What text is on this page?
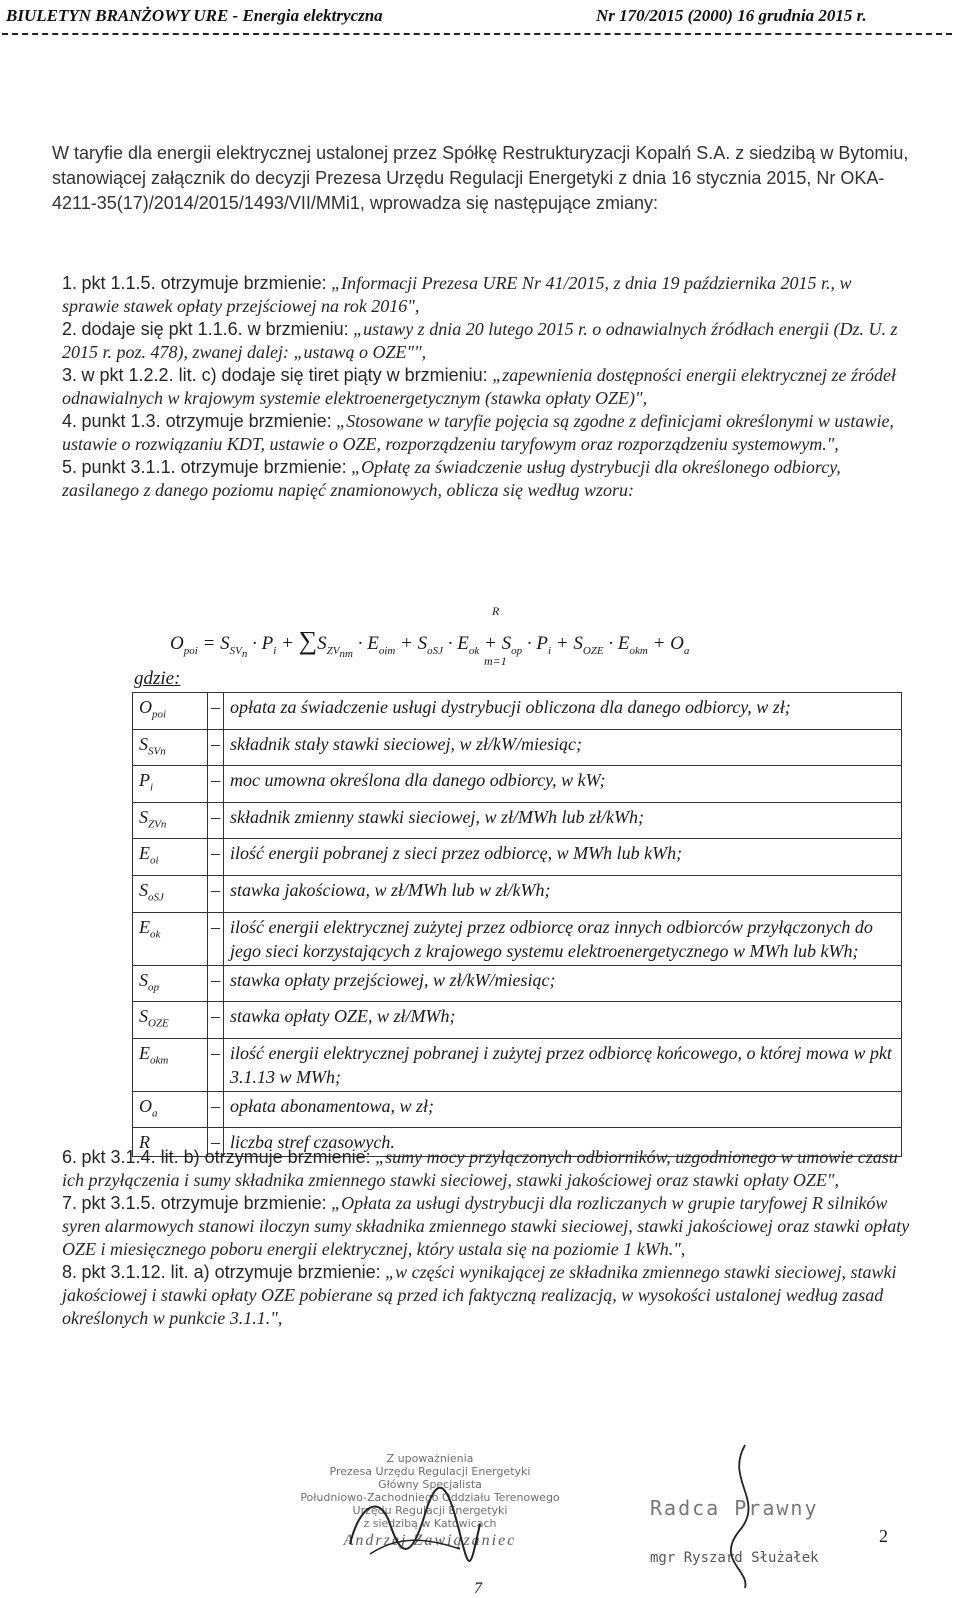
BIULETYN BRANŻOWY URE - Energia elektryczna	Nr 170/2015 (2000) 16 grudnia 2015 r.
W taryfie dla energii elektrycznej ustalonej przez Spółkę Restrukturyzacji Kopalń S.A. z siedzibą w Bytomiu, stanowiącej załącznik do decyzji Prezesa Urzędu Regulacji Energetyki z dnia 16 stycznia 2015, Nr OKA-4211-35(17)/2014/2015/1493/VII/MMi1, wprowadza się następujące zmiany:

1. pkt 1.1.5. otrzymuje brzmienie: „Informacji Prezesa URE Nr 41/2015, z dnia 19 października 2015 r., w sprawie stawek opłaty przejściowej na rok 2016",

2. dodaje się pkt 1.1.6. w brzmieniu: „ustawy z dnia 20 lutego 2015 r. o odnawialnych źródłach energii (Dz. U. z 2015 r. poz. 478), zwanej dalej: „ustawą o OZE"",

3. w pkt 1.2.2. lit. c) dodaje się tiret piąty w brzmieniu: „zapewnienia dostępności energii elektrycznej ze źródeł odnawialnych w krajowym systemie elektroenergetycznym (stawka opłaty OZE)",

4. punkt 1.3. otrzymuje brzmienie: „Stosowane w taryfie pojęcia są zgodne z definicjami określonymi w ustawie, ustawie o rozwiązaniu KDT, ustawie o OZE, rozporządzeniu taryfowym oraz rozporządzeniu systemowym.",

5. punkt 3.1.1. otrzymuje brzmienie: „Opłatę za świadczenie usług dystrybucji dla określonego odbiorcy, zasilanego z danego poziomu napięć znamionowych, oblicza się według wzoru:

R
$O_{poi} = S_{SV_n} \cdot P_i + \sum S_{ZV_{nm}} \cdot E_{oim} + S_{oSJ} \cdot E_{ok} + S_{op} \cdot P_i + S_{OZE} \cdot E_{okm} + O_a$
m=1
gdzie:
$O_{poi}$	–	opłata za świadczenie usługi dystrybucji obliczona dla danego odbiorcy, w zł;
$S_{SVn}$	–	składnik stały stawki sieciowej, w zł/kW/miesiąc;
$P_i$	–	moc umowna określona dla danego odbiorcy, w kW;
$S_{ZVn}$	–	składnik zmienny stawki sieciowej, w zł/MWh lub zł/kWh;
$E_{oi}$	–	ilość energii pobranej z sieci przez odbiorcę, w MWh lub kWh;
$S_{oSJ}$	–	stawka jakościowa, w zł/MWh lub w zł/kWh;
$E_{ok}$	–	ilość energii elektrycznej zużytej przez odbiorcę oraz innych odbiorców przyłączonych do jego sieci korzystających z krajowego systemu elektroenergetycznego w MWh lub kWh;
$S_{op}$	–	stawka opłaty przejściowej, w zł/kW/miesiąc;
$S_{OZE}$	–	stawka opłaty OZE, w zł/MWh;
$E_{okm}$	–	ilość energii elektrycznej pobranej i zużytej przez odbiorcę końcowego, o której mowa w pkt 3.1.13 w MWh;
$O_a$	–	opłata abonamentowa, w zł;
R	–	liczba stref czasowych.

6. pkt 3.1.4. lit. b) otrzymuje brzmienie: „sumy mocy przyłączonych odbiorników, uzgodnionego w umowie czasu ich przyłączenia i sumy składnika zmiennego stawki sieciowej, stawki jakościowej oraz stawki opłaty OZE",

7. pkt 3.1.5. otrzymuje brzmienie: „Opłata za usługi dystrybucji dla rozliczanych w grupie taryfowej R silników syren alarmowych stanowi iloczyn sumy składnika zmiennego stawki sieciowej, stawki jakościowej oraz stawki opłaty OZE i miesięcznego poboru energii elektrycznej, który ustala się na poziomie 1 kWh.",

8. pkt 3.1.12. lit. a) otrzymuje brzmienie: „w części wynikającej ze składnika zmiennego stawki sieciowej, stawki jakościowej i stawki opłaty OZE pobierane są przed ich faktyczną realizacją, w wysokości ustalonej według zasad określonych w punkcie 3.1.1.",

Z upoważnienia
Prezesa Urzędu Regulacji Energetyki
Główny Specjalista
Południowo-Zachodniego Oddziału Terenowego
Urzędu Regulacji Energetyki
z siedzibą w Katowicach
Andrzej Zawiązaniec
Radca Prawny
mgr Ryszard Służałek
2
7
